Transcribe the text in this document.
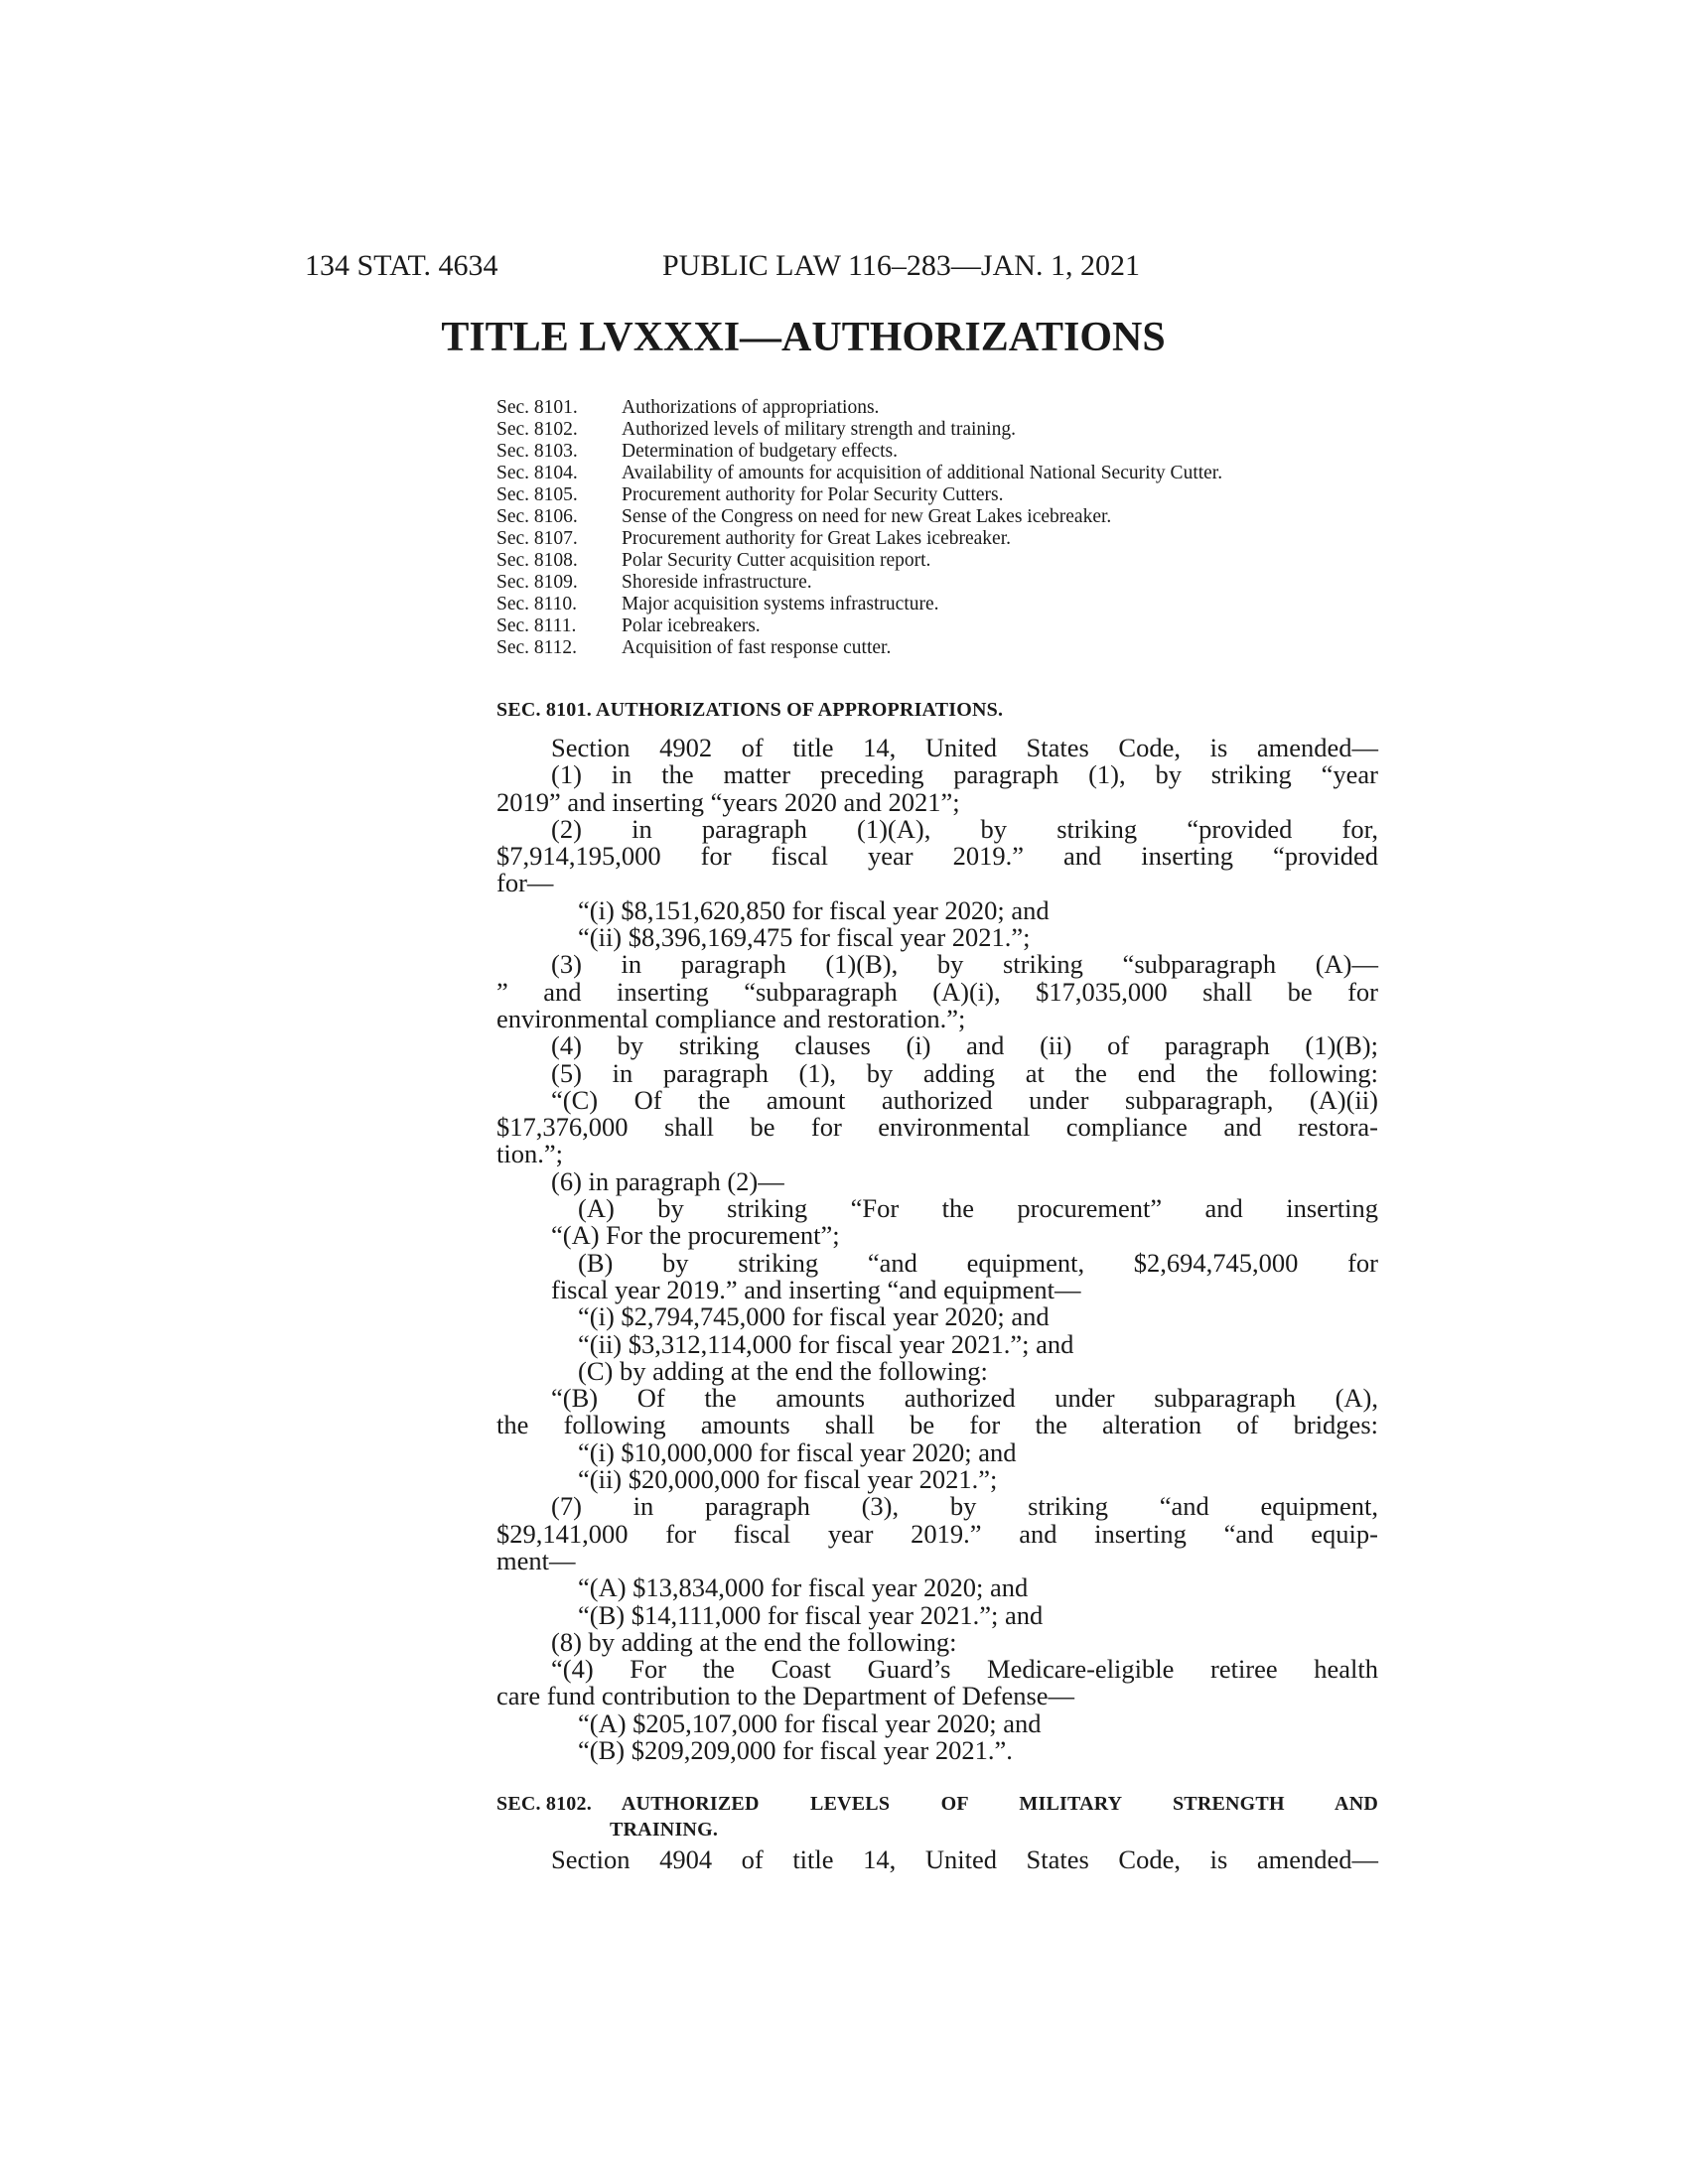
134 STAT. 4634	PUBLIC LAW 116–283—JAN. 1, 2021
TITLE LVXXXI—AUTHORIZATIONS
Sec. 8101.	Authorizations of appropriations.
Sec. 8102.	Authorized levels of military strength and training.
Sec. 8103.	Determination of budgetary effects.
Sec. 8104.	Availability of amounts for acquisition of additional National Security Cutter.
Sec. 8105.	Procurement authority for Polar Security Cutters.
Sec. 8106.	Sense of the Congress on need for new Great Lakes icebreaker.
Sec. 8107.	Procurement authority for Great Lakes icebreaker.
Sec. 8108.	Polar Security Cutter acquisition report.
Sec. 8109.	Shoreside infrastructure.
Sec. 8110.	Major acquisition systems infrastructure.
Sec. 8111.	Polar icebreakers.
Sec. 8112.	Acquisition of fast response cutter.
SEC. 8101. AUTHORIZATIONS OF APPROPRIATIONS.
Section 4902 of title 14, United States Code, is amended—
(1) in the matter preceding paragraph (1), by striking “year
2019” and inserting “years 2020 and 2021”;
(2) in paragraph (1)(A), by striking “provided for,
$7,914,195,000 for fiscal year 2019.” and inserting “provided
for—
“(i) $8,151,620,850 for fiscal year 2020; and
“(ii) $8,396,169,475 for fiscal year 2021.”;
(3) in paragraph (1)(B), by striking “subparagraph (A)—
” and inserting “subparagraph (A)(i), $17,035,000 shall be for
environmental compliance and restoration.”;
(4) by striking clauses (i) and (ii) of paragraph (1)(B);
(5) in paragraph (1), by adding at the end the following:
“(C) Of the amount authorized under subparagraph, (A)(ii)
$17,376,000 shall be for environmental compliance and restora-
tion.”;
(6) in paragraph (2)—
(A) by striking “For the procurement” and inserting
“(A) For the procurement”;
(B) by striking “and equipment, $2,694,745,000 for
fiscal year 2019.” and inserting “and equipment—
“(i) $2,794,745,000 for fiscal year 2020; and
“(ii) $3,312,114,000 for fiscal year 2021.”; and
(C) by adding at the end the following:
“(B) Of the amounts authorized under subparagraph (A),
the following amounts shall be for the alteration of bridges:
“(i) $10,000,000 for fiscal year 2020; and
“(ii) $20,000,000 for fiscal year 2021.”;
(7) in paragraph (3), by striking “and equipment,
$29,141,000 for fiscal year 2019.” and inserting “and equip-
ment—
“(A) $13,834,000 for fiscal year 2020; and
“(B) $14,111,000 for fiscal year 2021.”; and
(8) by adding at the end the following:
“(4) For the Coast Guard’s Medicare-eligible retiree health
care fund contribution to the Department of Defense—
“(A) $205,107,000 for fiscal year 2020; and
“(B) $209,209,000 for fiscal year 2021.”.
SEC. 8102. AUTHORIZED LEVELS OF MILITARY STRENGTH AND
TRAINING.
Section 4904 of title 14, United States Code, is amended—
